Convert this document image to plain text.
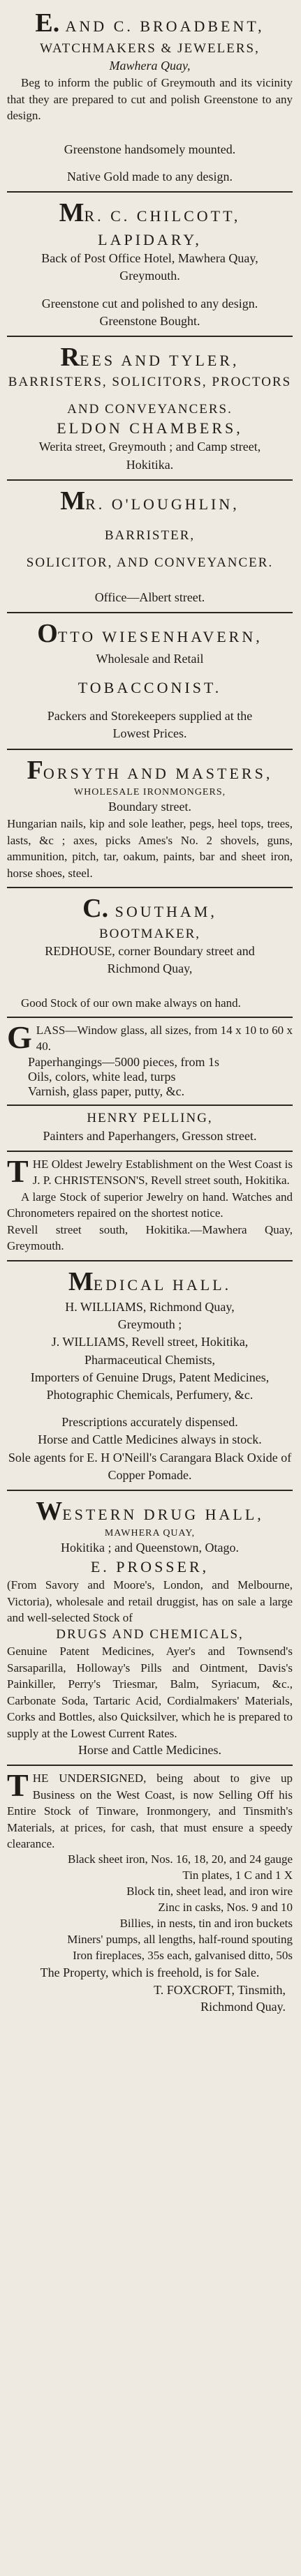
E. AND C. BROADBENT,
WATCHMAKERS & JEWELERS,
Mawhera Quay,
Beg to inform the public of Greymouth and its vicinity that they are prepared to cut and polish Greenstone to any design.
Greenstone handsomely mounted.
Native Gold made to any design.
MR. C. CHILCOTT,
LAPIDARY,
Back of Post Office Hotel, Mawhera Quay,
Greymouth.
Greenstone cut and polished to any design.
Greenstone Bought.
REES AND TYLER,
BARRISTERS, SOLICITORS, PROCTORS
AND CONVEYANCERS.
ELDON CHAMBERS,
Werita street, Greymouth ; and Camp street,
Hokitika.
MR. O'LOUGHLIN,
BARRISTER,
SOLICITOR, AND CONVEYANCER.
Office—Albert street.
OTTO WIESENHAVERN,
Wholesale and Retail
TOBACCONIST.
Packers and Storekeepers supplied at the
Lowest Prices.
FORSYTH AND MASTERS,
WHOLESALE IRONMONGERS,
Boundary street.
Hungarian nails, kip and sole leather, pegs, heel tops, trees, lasts, &c ; axes, picks Ames's No. 2 shovels, guns, ammunition, pitch, tar, oakum, paints, bar and sheet iron, horse shoes, steel.
C. SOUTHAM,
BOOTMAKER,
REDHOUSE, corner Boundary street and
Richmond Quay,
Good Stock of our own make always on hand.
GLASS—Window glass, all sizes, from 14 x 10 to 60 x 40.
Paperhangings—5000 pieces, from 1s
Oils, colors, white lead, turps
Varnish, glass paper, putty, &c.
HENRY PELLING,
Painters and Paperhangers, Gresson street.
THE Oldest Jewelry Establishment on the West Coast is J. P. CHRISTENSON'S, Revell street south, Hokitika.
A large Stock of superior Jewelry on hand. Watches and Chronometers repaired on the shortest notice.
Revell street south, Hokitika.—Mawhera Quay, Greymouth.
MEDICAL HALL.
H. WILLIAMS, Richmond Quay,
Greymouth ;
J. WILLIAMS, Revell street, Hokitika,
Pharmaceutical Chemists,
Importers of Genuine Drugs, Patent Medicines, Photographic Chemicals, Perfumery, &c.
Prescriptions accurately dispensed.
Horse and Cattle Medicines always in stock.
Sole agents for E. H O'Neill's Carangara Black Oxide of Copper Pomade.
WESTERN DRUG HALL,
MAWHERA QUAY,
Hokitika ; and Queenstown, Otago.
E. PROSSER,
(From Savory and Moore's, London, and Melbourne, Victoria), wholesale and retail druggist, has on sale a large and well-selected Stock of
DRUGS AND CHEMICALS,
Genuine Patent Medicines, Ayer's and Townsend's Sarsaparilla, Holloway's Pills and Ointment, Davis's Painkiller, Perry's Triesmar, Balm, Syriacum, &c., Carbonate Soda, Tartaric Acid, Cordialmakers' Materials, Corks and Bottles, also Quicksilver, which he is prepared to supply at the Lowest Current Rates.
Horse and Cattle Medicines.
THE UNDERSIGNED, being about to give up Business on the West Coast, is now Selling Off his Entire Stock of Tinware, Ironmongery, and Tinsmith's Materials, at prices, for cash, that must ensure a speedy clearance.
Black sheet iron, Nos. 16, 18, 20, and 24 gauge
Tin plates, 1 C and 1 X
Block tin, sheet lead, and iron wire
Zinc in casks, Nos. 9 and 10
Billies, in nests, tin and iron buckets
Miners' pumps, all lengths, half-round spouting
Iron fireplaces, 35s each, galvanised ditto, 50s
The Property, which is freehold, is for Sale.
T. FOXCROFT, Tinsmith,
Richmond Quay.
